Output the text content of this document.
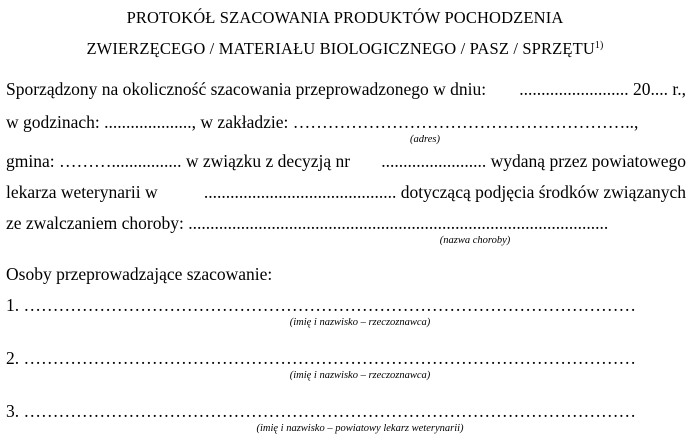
PROTOKÓŁ SZACOWANIA PRODUKTÓW POCHODZENIA
ZWIERZĘCEGO / MATERIAŁU BIOLOGICZNEGO / PASZ / SPRZĘTU$^{1)}$
Sporządzony na okoliczność szacowania przeprowadzonego w dniu: ......................... 20.... r.,
w godzinach: ...................., w zakładzie: …………………………………………………..,
(adres)
gmina: ………................ w związku z decyzją nr ........................ wydaną przez powiatowego
lekarza weterynarii w	............................................ dotyczącą podjęcia środków związanych
ze zwalczaniem choroby: ................................................................................................
(nazwa choroby)
Osoby przeprowadzające szacowanie:
1. ……………………………………………………………………………………………
(imię i nazwisko – rzeczoznawca)
2. ……………………………………………………………………………………………
(imię i nazwisko – rzeczoznawca)
3. ……………………………………………………………………………………………
(imię i nazwisko – powiatowy lekarz weterynarii)
